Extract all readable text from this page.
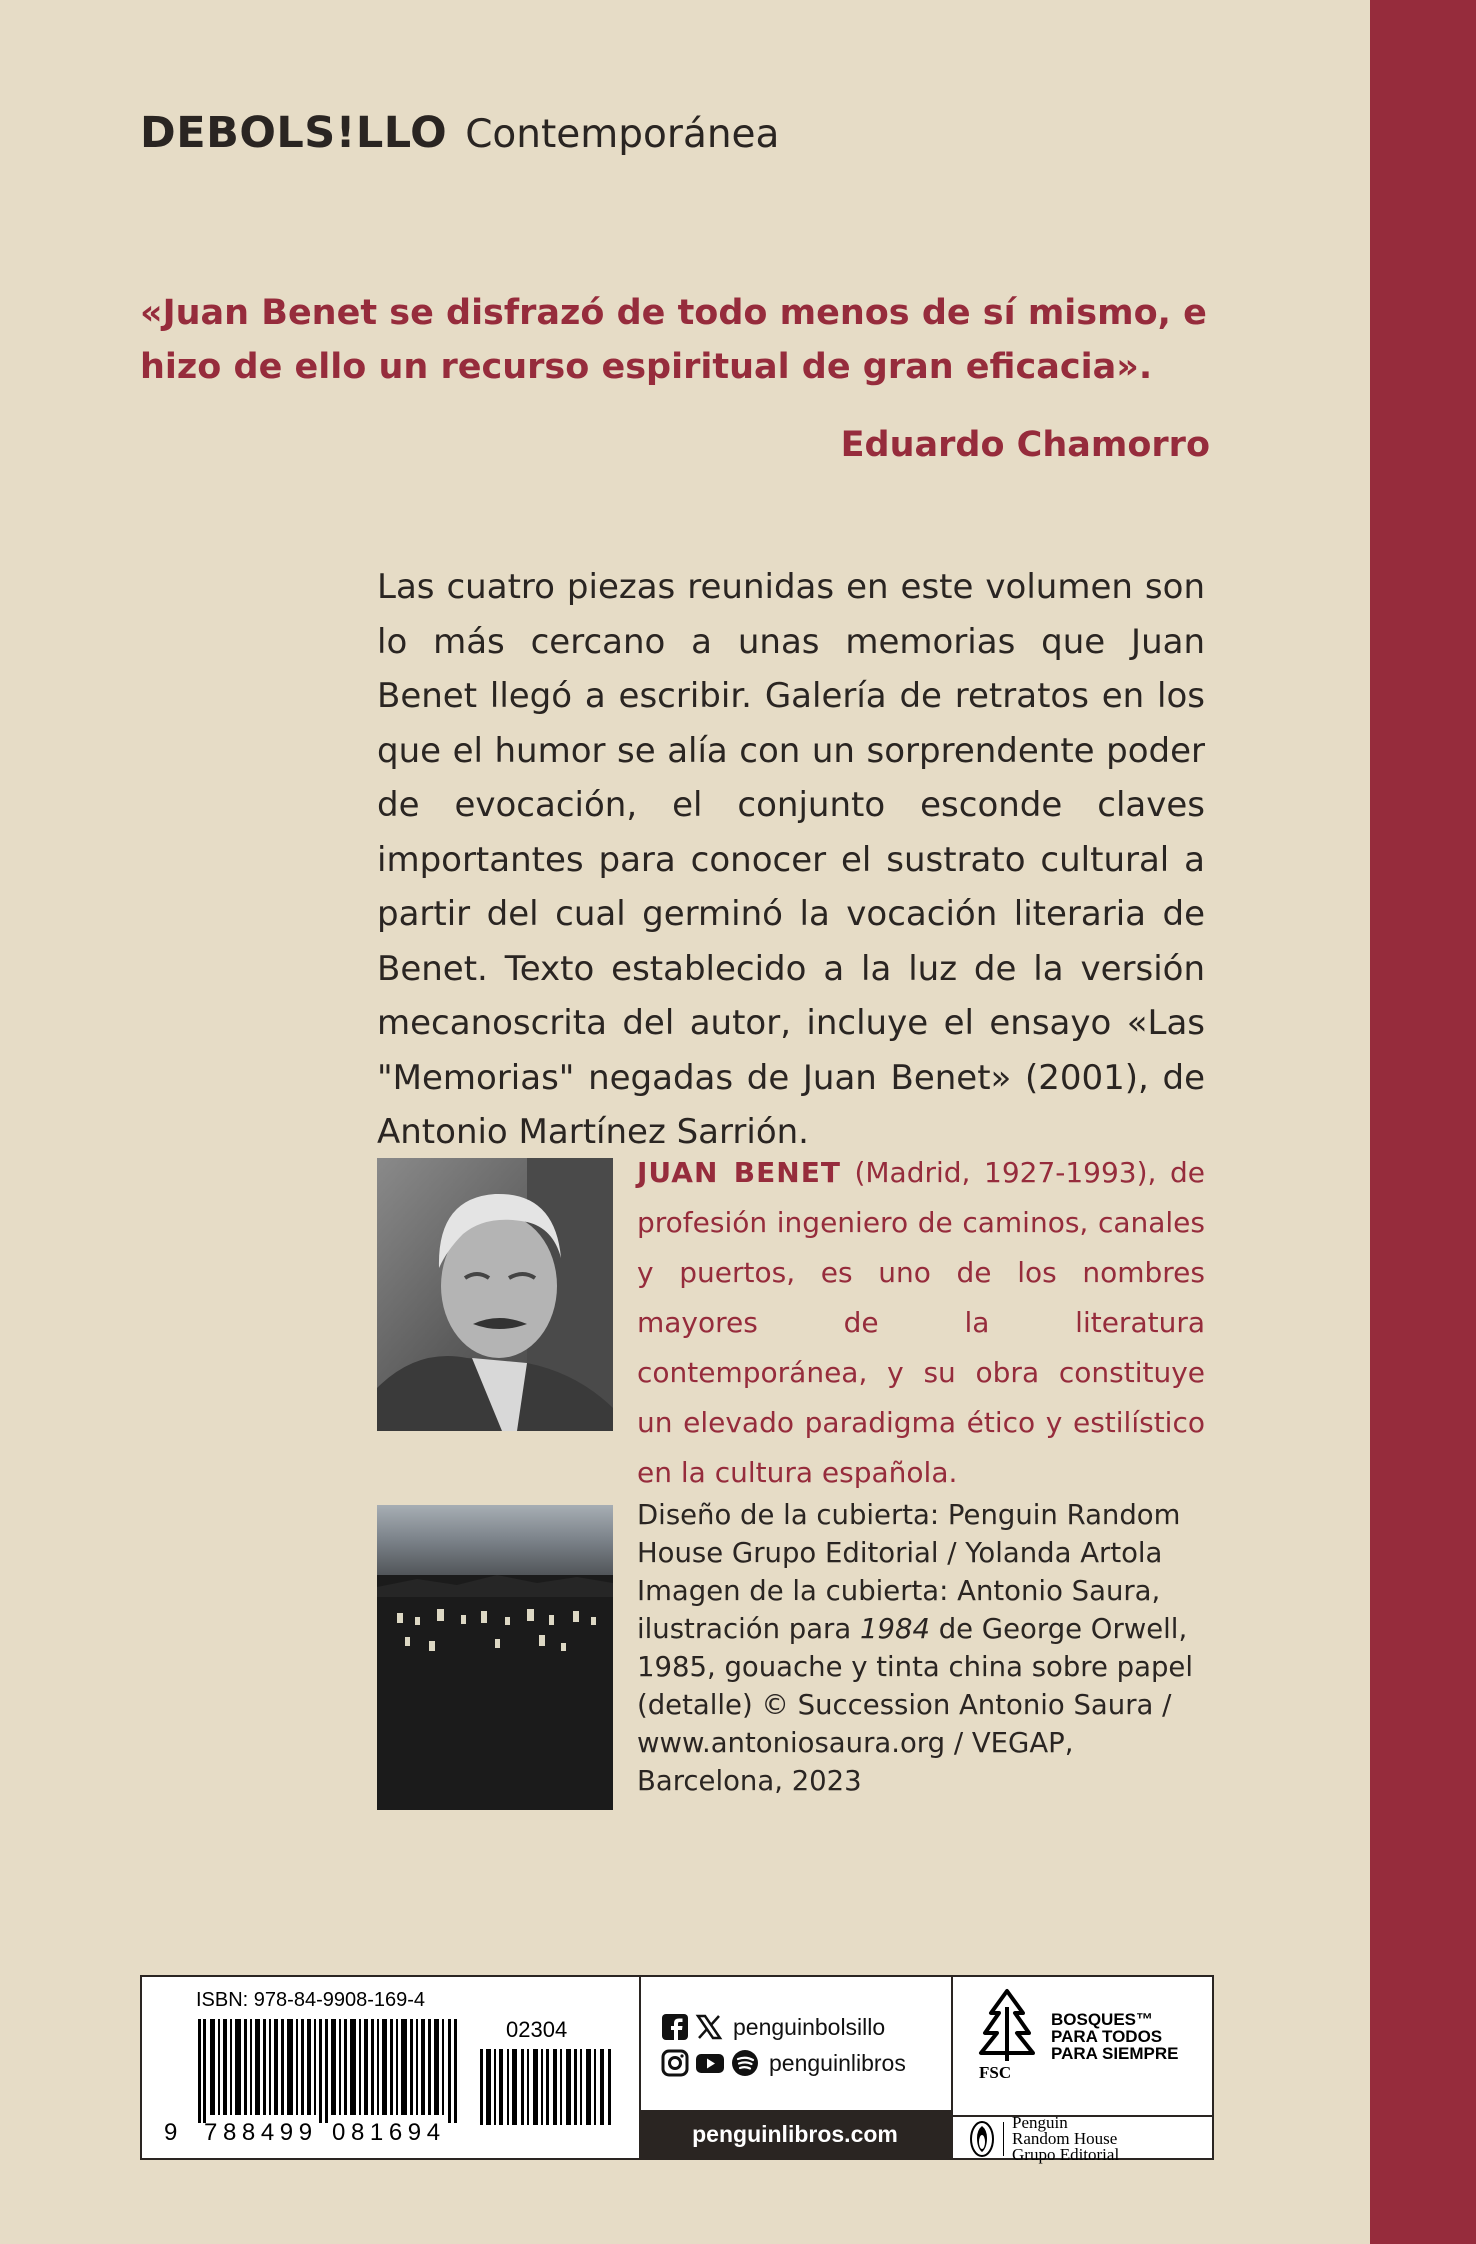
DEBOLS!LLO Contemporánea
«Juan Benet se disfrazó de todo menos de sí mismo, e hizo de ello un recurso espiritual de gran eficacia».
Eduardo Chamorro

Las cuatro piezas reunidas en este volumen son lo más cercano a unas memorias que Juan Benet llegó a escribir. Galería de retratos en los que el humor se alía con un sorprendente poder de evocación, el conjunto esconde claves importantes para conocer el sustrato cultural a partir del cual germinó la vocación literaria de Benet. Texto establecido a la luz de la versión mecanoscrita del autor, incluye el ensayo «Las "Memorias" negadas de Juan Benet» (2001), de Antonio Martínez Sarrión.

JUAN BENET (Madrid, 1927-1993), de profesión ingeniero de caminos, canales y puertos, es uno de los nombres mayores de la literatura contemporánea, y su obra constituye un elevado paradigma ético y estilístico en la cultura española.

Diseño de la cubierta: Penguin Random
House Grupo Editorial / Yolanda Artola
Imagen de la cubierta: Antonio Saura,
ilustración para 1984 de George Orwell,
1985, gouache y tinta china sobre papel
(detalle) © Succession Antonio Saura /
www.antoniosaura.org / VEGAP,
Barcelona, 2023

ISBN: 978-84-9908-169-4
02304
9 788499 081694
penguinbolsillo
penguinlibros
penguinlibros.com
FSC
BOSQUES™
PARA TODOS
PARA SIEMPRE
Penguin
Random House
Grupo Editorial
